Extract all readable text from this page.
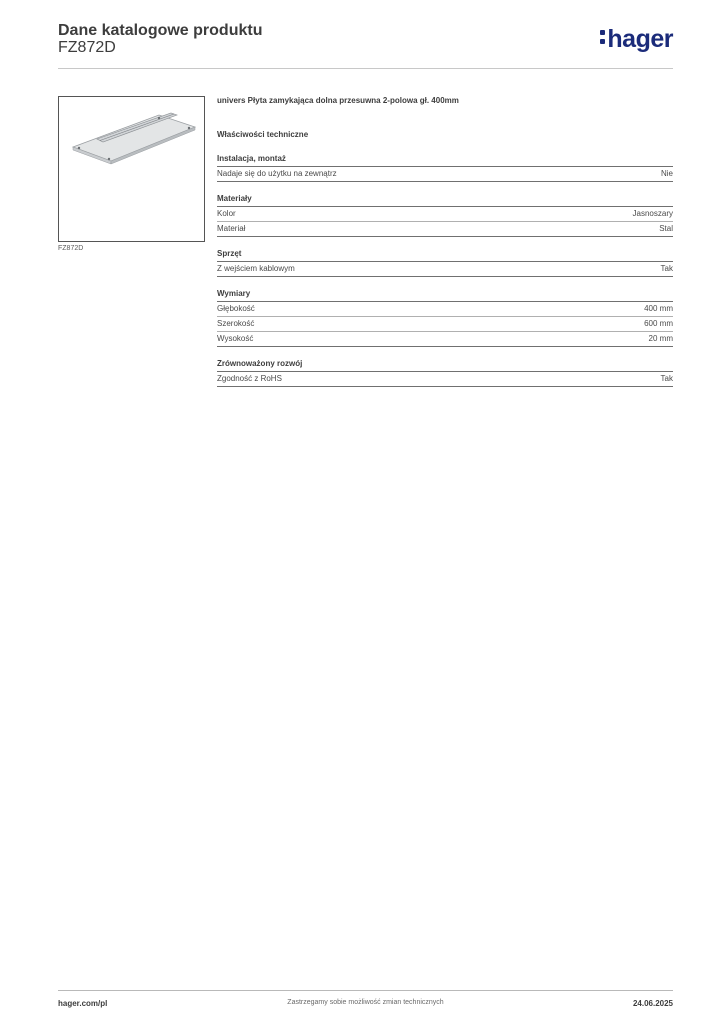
Dane katalogowe produktu
FZ872D	hager
FZ872D
univers Płyta zamykająca dolna przesuwna 2-polowa gł. 400mm
Właściwości techniczne
Instalacja, montaż
Nadaje się do użytku na zewnątrz	Nie
Materiały
Kolor	Jasnoszary
Materiał	Stal
Sprzęt
Z wejściem kablowym	Tak
Wymiary
Głębokość	400 mm
Szerokość	600 mm
Wysokość	20 mm
Zrównoważony rozwój
Zgodność z RoHS	Tak
hager.com/pl	Zastrzegamy sobie możliwość zmian technicznych	24.06.2025
